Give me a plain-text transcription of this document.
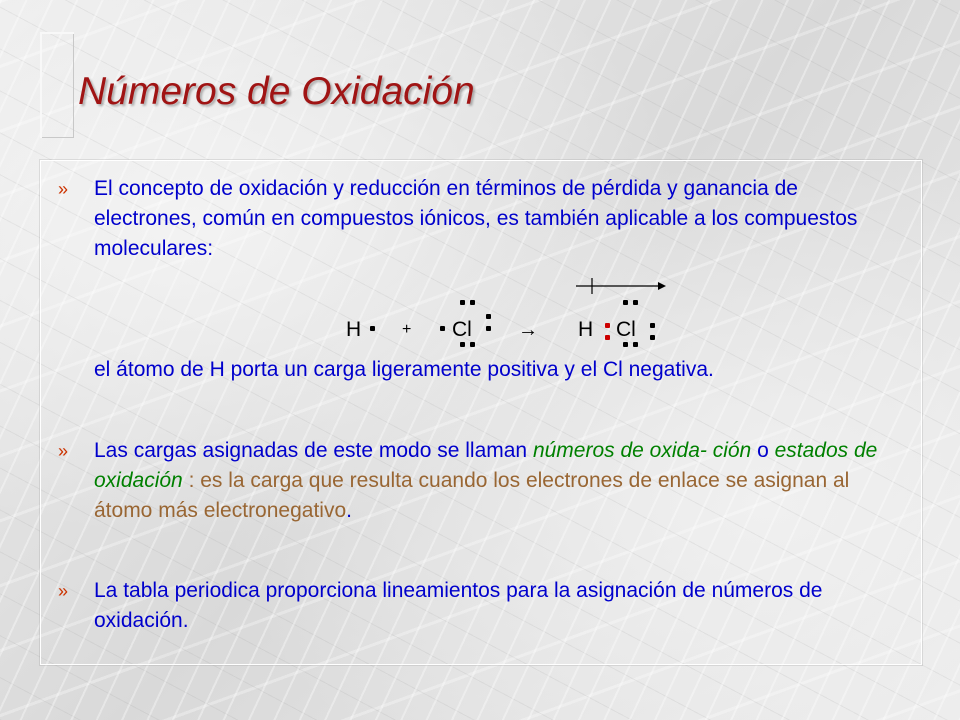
Números de Oxidación
» El concepto de oxidación y reducción en términos de pérdida y ganancia de electrones, común en compuestos iónicos, es también aplicable a los compuestos moleculares:

H	+ Cl → H Cl

el átomo de H porta un carga ligeramente positiva y el Cl negativa.

» Las cargas asignadas de este modo se llaman números de oxida- ción o estados de oxidación : es la carga que resulta cuando los electrones de enlace se asignan al átomo más electronegativo.

» La tabla periodica proporciona lineamientos para la asignación de números de oxidación.
